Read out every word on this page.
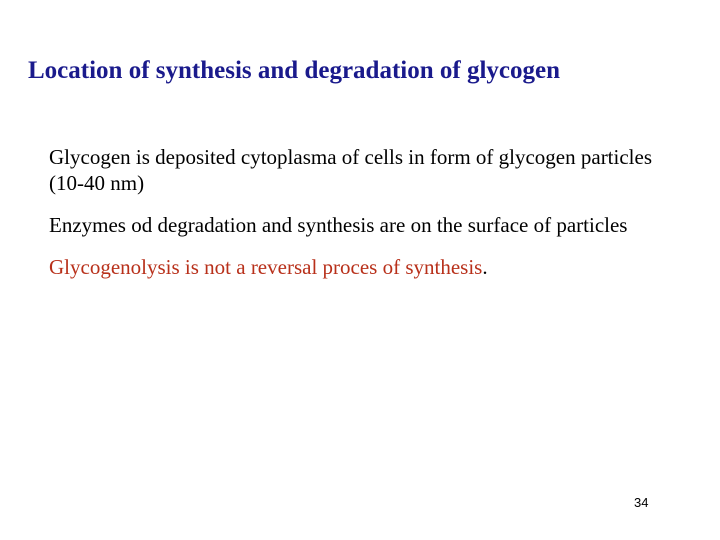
Location of synthesis and degradation of glycogen
Glycogen is deposited cytoplasma of cells in form of glycogen particles (10-40 nm)
Enzymes od degradation and synthesis are on the surface of particles
Glycogenolysis is not a reversal proces of synthesis.
34
